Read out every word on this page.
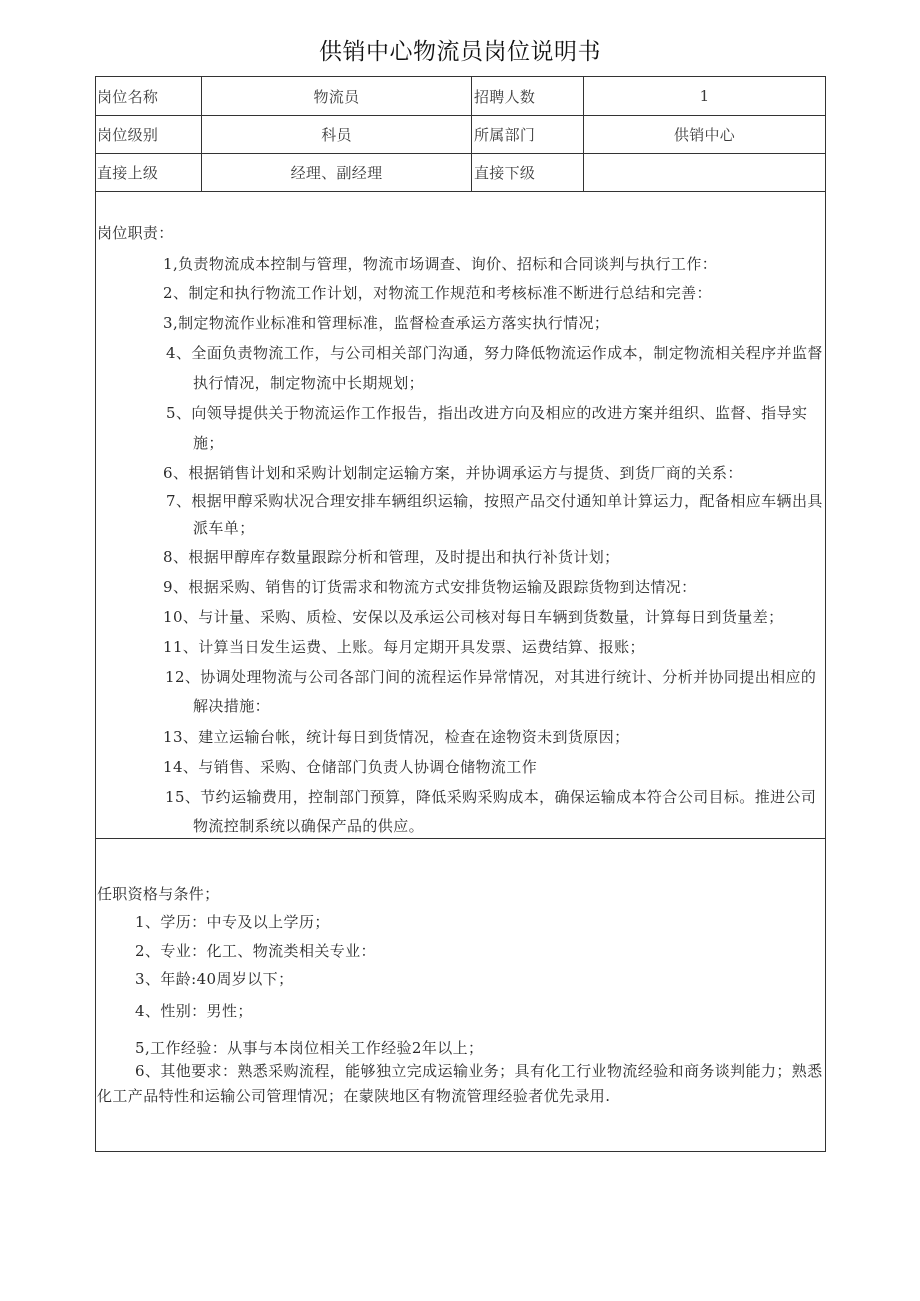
供销中心物流员岗位说明书
岗位名称	物流员	招聘人数	1
岗位级别	科员	所属部门	供销中心
直接上级	经理、副经理	直接下级
岗位职责：
1,负责物流成本控制与管理，物流市场调查、询价、招标和合同谈判与执行工作：
2、制定和执行物流工作计划，对物流工作规范和考核标准不断进行总结和完善：
3,制定物流作业标准和管理标准，监督检查承运方落实执行情况；
4、全面负责物流工作，与公司相关部门沟通，努力降低物流运作成本，制定物流相关程序并监督
执行情况，制定物流中长期规划；
5、向领导提供关于物流运作工作报告，指出改进方向及相应的改进方案并组织、监督、指导实
施；
6、根据销售计划和采购计划制定运输方案，并协调承运方与提货、到货厂商的关系：
7、根据甲醇采购状况合理安排车辆组织运输，按照产品交付通知单计算运力，配备相应车辆出具
派车单；
8、根据甲醇库存数量跟踪分析和管理，及时提出和执行补货计划；
9、根据采购、销售的订货需求和物流方式安排货物运输及跟踪货物到达情况：
10、与计量、采购、质检、安保以及承运公司核对每日车辆到货数量，计算每日到货量差；
11、计算当日发生运费、上账。每月定期开具发票、运费结算、报账；
12、协调处理物流与公司各部门间的流程运作异常情况，对其进行统计、分析并协同提出相应的
解决措施：
13、建立运输台帐，统计每日到货情况，检查在途物资未到货原因；
14、与销售、采购、仓储部门负责人协调仓储物流工作
15、节约运输费用，控制部门预算，降低采购采购成本，确保运输成本符合公司目标。推进公司
物流控制系统以确保产品的供应。
任职资格与条件；
1、学历：中专及以上学历；
2、专业：化工、物流类相关专业：
3、年龄:40周岁以下；
4、性别：男性；
5,工作经验：从事与本岗位相关工作经验2年以上；
6、其他要求：熟悉采购流程，能够独立完成运输业务；具有化工行业物流经验和商务谈判能力；熟悉
化工产品特性和运输公司管理情况；在蒙陕地区有物流管理经验者优先录用.
